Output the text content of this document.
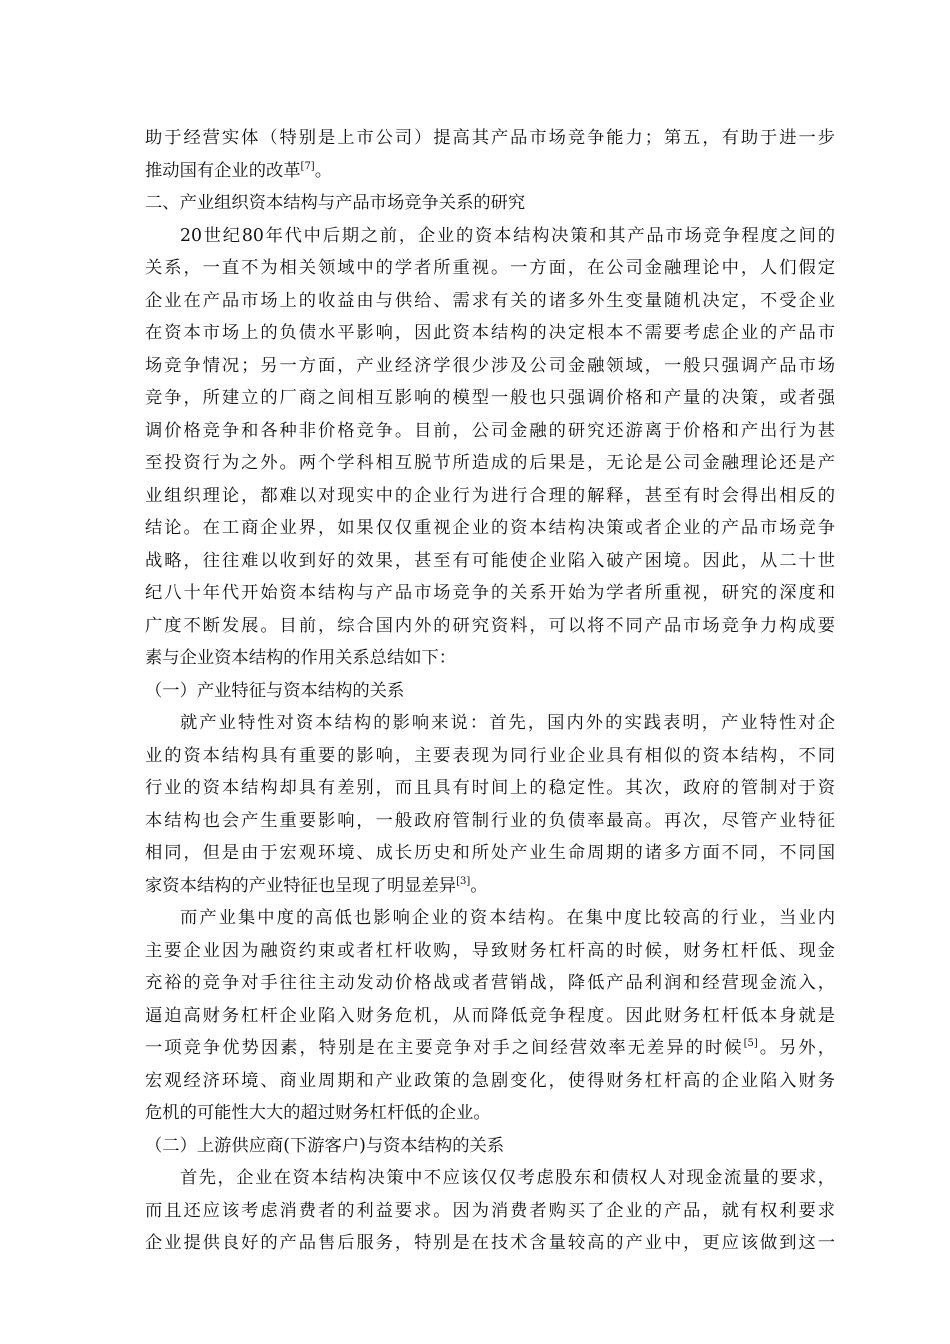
助于经营实体（特别是上市公司）提高其产品市场竞争能力；第五，有助于进一步
推动国有企业的改革[7]。
二、产业组织资本结构与产品市场竞争关系的研究
20世纪80年代中后期之前，企业的资本结构决策和其产品市场竞争程度之间的
关系，一直不为相关领域中的学者所重视。一方面，在公司金融理论中，人们假定
企业在产品市场上的收益由与供给、需求有关的诸多外生变量随机决定，不受企业
在资本市场上的负债水平影响，因此资本结构的决定根本不需要考虑企业的产品市
场竞争情况；另一方面，产业经济学很少涉及公司金融领域，一般只强调产品市场
竞争，所建立的厂商之间相互影响的模型一般也只强调价格和产量的决策，或者强
调价格竞争和各种非价格竞争。目前，公司金融的研究还游离于价格和产出行为甚
至投资行为之外。两个学科相互脱节所造成的后果是，无论是公司金融理论还是产
业组织理论，都难以对现实中的企业行为进行合理的解释，甚至有时会得出相反的
结论。在工商企业界，如果仅仅重视企业的资本结构决策或者企业的产品市场竞争
战略，往往难以收到好的效果，甚至有可能使企业陷入破产困境。因此，从二十世
纪八十年代开始资本结构与产品市场竞争的关系开始为学者所重视，研究的深度和
广度不断发展。目前，综合国内外的研究资料，可以将不同产品市场竞争力构成要
素与企业资本结构的作用关系总结如下：
（一）产业特征与资本结构的关系
就产业特性对资本结构的影响来说：首先，国内外的实践表明，产业特性对企
业的资本结构具有重要的影响，主要表现为同行业企业具有相似的资本结构，不同
行业的资本结构却具有差别，而且具有时间上的稳定性。其次，政府的管制对于资
本结构也会产生重要影响，一般政府管制行业的负债率最高。再次，尽管产业特征
相同，但是由于宏观环境、成长历史和所处产业生命周期的诸多方面不同，不同国
家资本结构的产业特征也呈现了明显差异[3]。
而产业集中度的高低也影响企业的资本结构。在集中度比较高的行业，当业内
主要企业因为融资约束或者杠杆收购，导致财务杠杆高的时候，财务杠杆低、现金
充裕的竞争对手往往主动发动价格战或者营销战，降低产品利润和经营现金流入，
逼迫高财务杠杆企业陷入财务危机，从而降低竞争程度。因此财务杠杆低本身就是
一项竞争优势因素，特别是在主要竞争对手之间经营效率无差异的时候[5]。另外，
宏观经济环境、商业周期和产业政策的急剧变化，使得财务杠杆高的企业陷入财务
危机的可能性大大的超过财务杠杆低的企业。
（二）上游供应商(下游客户)与资本结构的关系
首先，企业在资本结构决策中不应该仅仅考虑股东和债权人对现金流量的要求，
而且还应该考虑消费者的利益要求。因为消费者购买了企业的产品，就有权利要求
企业提供良好的产品售后服务，特别是在技术含量较高的产业中，更应该做到这一
